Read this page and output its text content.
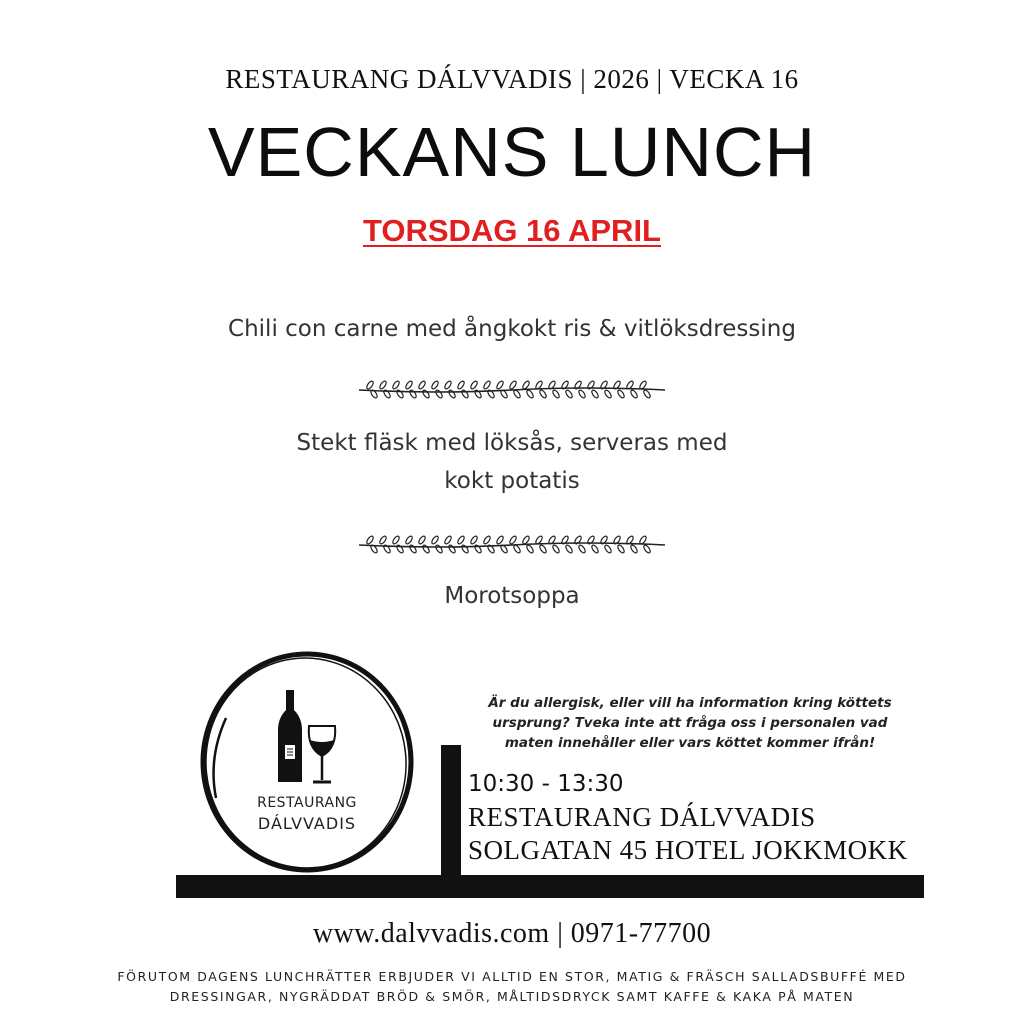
RESTAURANG DÁLVVADIS | 2026 | VECKA 16
VECKANS LUNCH
TORSDAG 16 APRIL
Chili con carne med ångkokt ris & vitlöksdressing
Stekt fläsk med löksås, serveras med
kokt potatis
Morotsoppa
RESTAURANG
DÁLVVADIS
Är du allergisk, eller vill ha information kring köttets
ursprung? Tveka inte att fråga oss i personalen vad
maten innehåller eller vars köttet kommer ifrån!
10:30 - 13:30
RESTAURANG DÁLVVADIS
SOLGATAN 45 HOTEL JOKKMOKK
www.dalvvadis.com | 0971-77700
FÖRUTOM DAGENS LUNCHRÄTTER ERBJUDER VI ALLTID EN STOR, MATIG & FRÄSCH SALLADSBUFFÉ MED
DRESSINGAR, NYGRÄDDAT BRÖD & SMÖR, MÅLTIDSDRYCK SAMT KAFFE & KAKA PÅ MATEN
